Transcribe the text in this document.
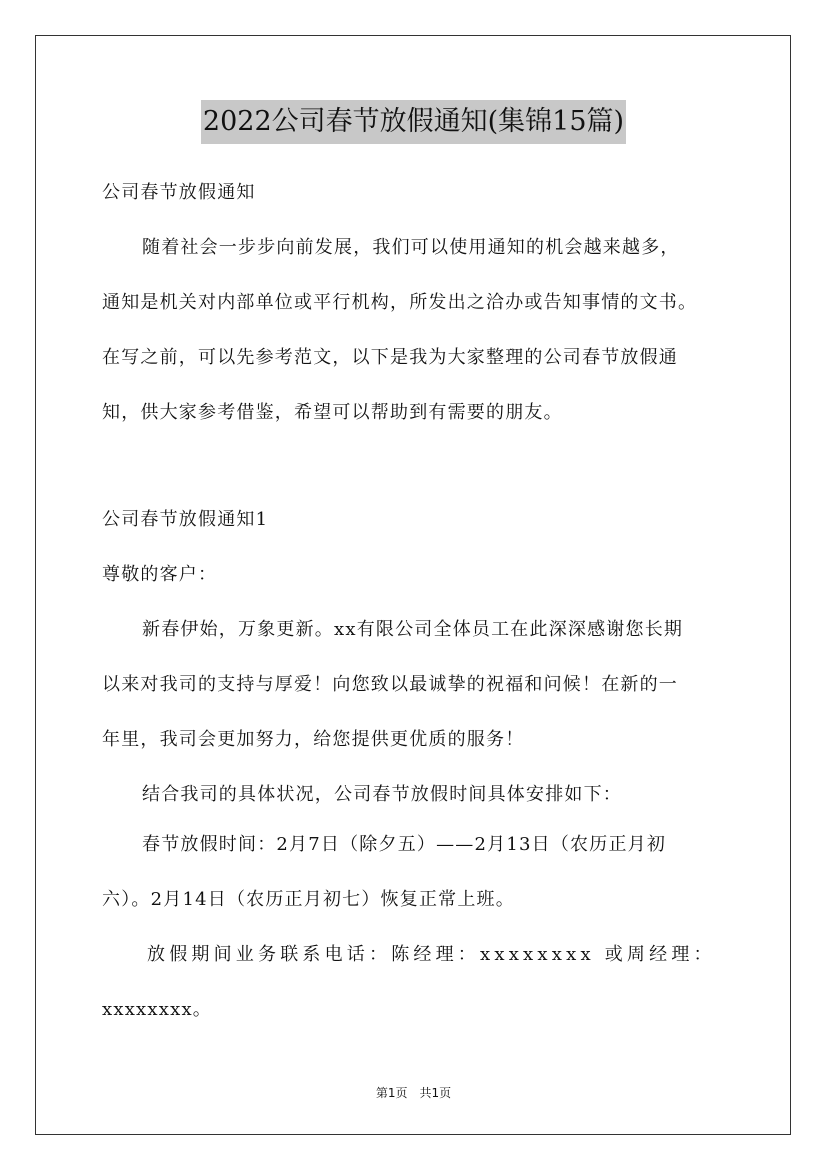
2022公司春节放假通知(集锦15篇)
公司春节放假通知
随着社会一步步向前发展，我们可以使用通知的机会越来越多，
通知是机关对内部单位或平行机构，所发出之洽办或告知事情的文书。
在写之前，可以先参考范文，以下是我为大家整理的公司春节放假通
知，供大家参考借鉴，希望可以帮助到有需要的朋友。
公司春节放假通知1
尊敬的客户：
新春伊始，万象更新。xx有限公司全体员工在此深深感谢您长期
以来对我司的支持与厚爱！向您致以最诚挚的祝福和问候！在新的一
年里，我司会更加努力，给您提供更优质的服务！
结合我司的具体状况，公司春节放假时间具体安排如下：
春节放假时间：2月7日（除夕五）——2月13日（农历正月初
六）。2月14日（农历正月初七）恢复正常上班。
放假期间业务联系电话：陈经理：xxxxxxxx 或周经理：
xxxxxxxx。
第1页　共1页
